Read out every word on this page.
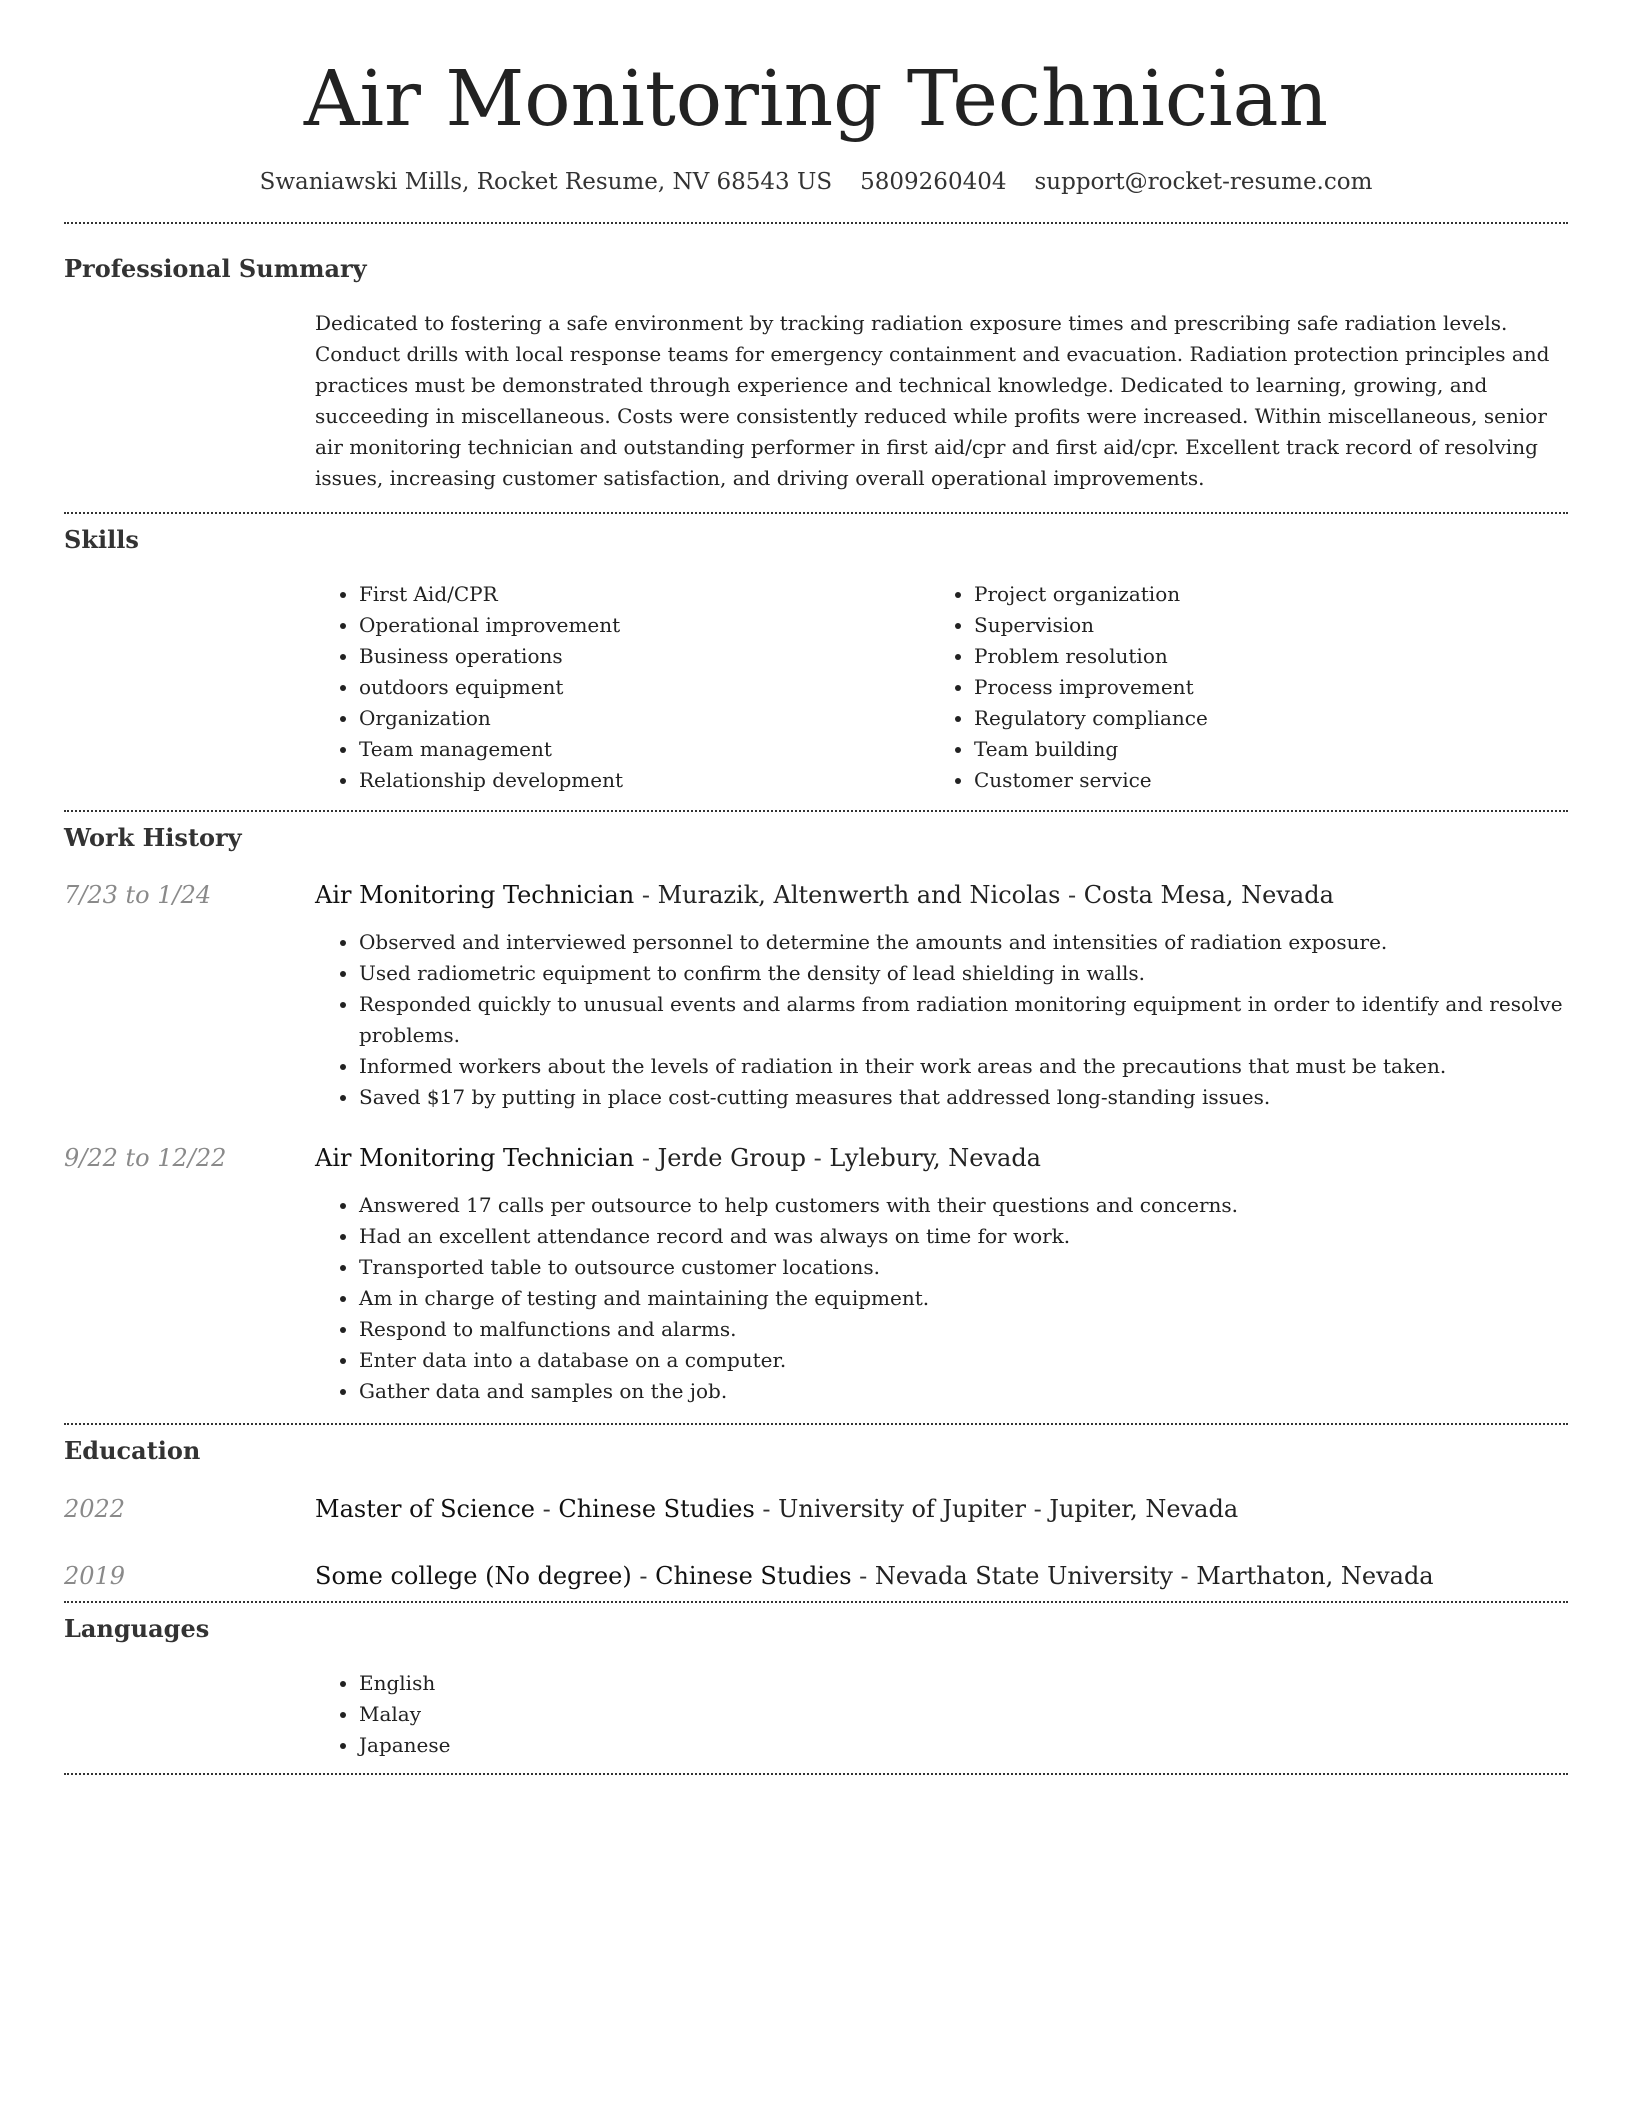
Air Monitoring Technician
Swaniawski Mills, Rocket Resume, NV 68543 US 5809260404 support@rocket-resume.com
Professional Summary
Dedicated to fostering a safe environment by tracking radiation exposure times and prescribing safe radiation levels. Conduct drills with local response teams for emergency containment and evacuation. Radiation protection principles and practices must be demonstrated through experience and technical knowledge. Dedicated to learning, growing, and succeeding in miscellaneous. Costs were consistently reduced while profits were increased. Within miscellaneous, senior air monitoring technician and outstanding performer in first aid/cpr and first aid/cpr. Excellent track record of resolving issues, increasing customer satisfaction, and driving overall operational improvements.
Skills
• First Aid/CPR
• Operational improvement
• Business operations
• outdoors equipment
• Organization
• Team management
• Relationship development
• Project organization
• Supervision
• Problem resolution
• Process improvement
• Regulatory compliance
• Team building
• Customer service
Work History
7/23 to 1/24	Air Monitoring Technician - Murazik, Altenwerth and Nicolas - Costa Mesa, Nevada
• Observed and interviewed personnel to determine the amounts and intensities of radiation exposure.
• Used radiometric equipment to confirm the density of lead shielding in walls.
• Responded quickly to unusual events and alarms from radiation monitoring equipment in order to identify and resolve problems.
• Informed workers about the levels of radiation in their work areas and the precautions that must be taken.
• Saved $17 by putting in place cost-cutting measures that addressed long-standing issues.
9/22 to 12/22	Air Monitoring Technician - Jerde Group - Lylebury, Nevada
• Answered 17 calls per outsource to help customers with their questions and concerns.
• Had an excellent attendance record and was always on time for work.
• Transported table to outsource customer locations.
• Am in charge of testing and maintaining the equipment.
• Respond to malfunctions and alarms.
• Enter data into a database on a computer.
• Gather data and samples on the job.
Education
2022	Master of Science - Chinese Studies - University of Jupiter - Jupiter, Nevada
2019	Some college (No degree) - Chinese Studies - Nevada State University - Marthaton, Nevada
Languages
• English
• Malay
• Japanese
